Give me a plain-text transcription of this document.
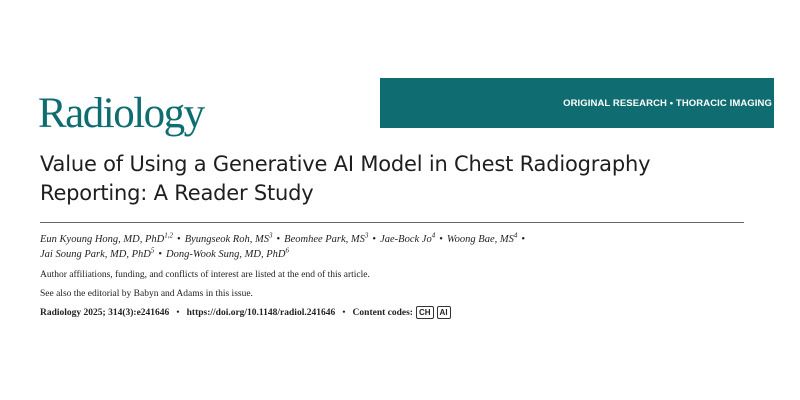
ORIGINAL RESEARCH • THORACIC IMAGING
Radiology
Value of Using a Generative AI Model in Chest Radiography Reporting: A Reader Study
Eun Kyoung Hong, MD, PhD$^{1,2}$ • Byungseok Roh, $MS^3$ • Beomhee Park, $MS^3$ • Jae-Bock Jo$^4$ • Woong Bae, $MS^4$ •
Jai Soung Park, MD, PhD$^5$ • Dong-Wook Sung, MD, PhD$^6$
Author affiliations, funding, and conflicts of interest are listed at the end of this article.
See also the editorial by Babyn and Adams in this issue.
Radiology 2025; 314(3):e241646 • https://doi.org/10.1148/radiol.241646 • Content codes: CH	AI
